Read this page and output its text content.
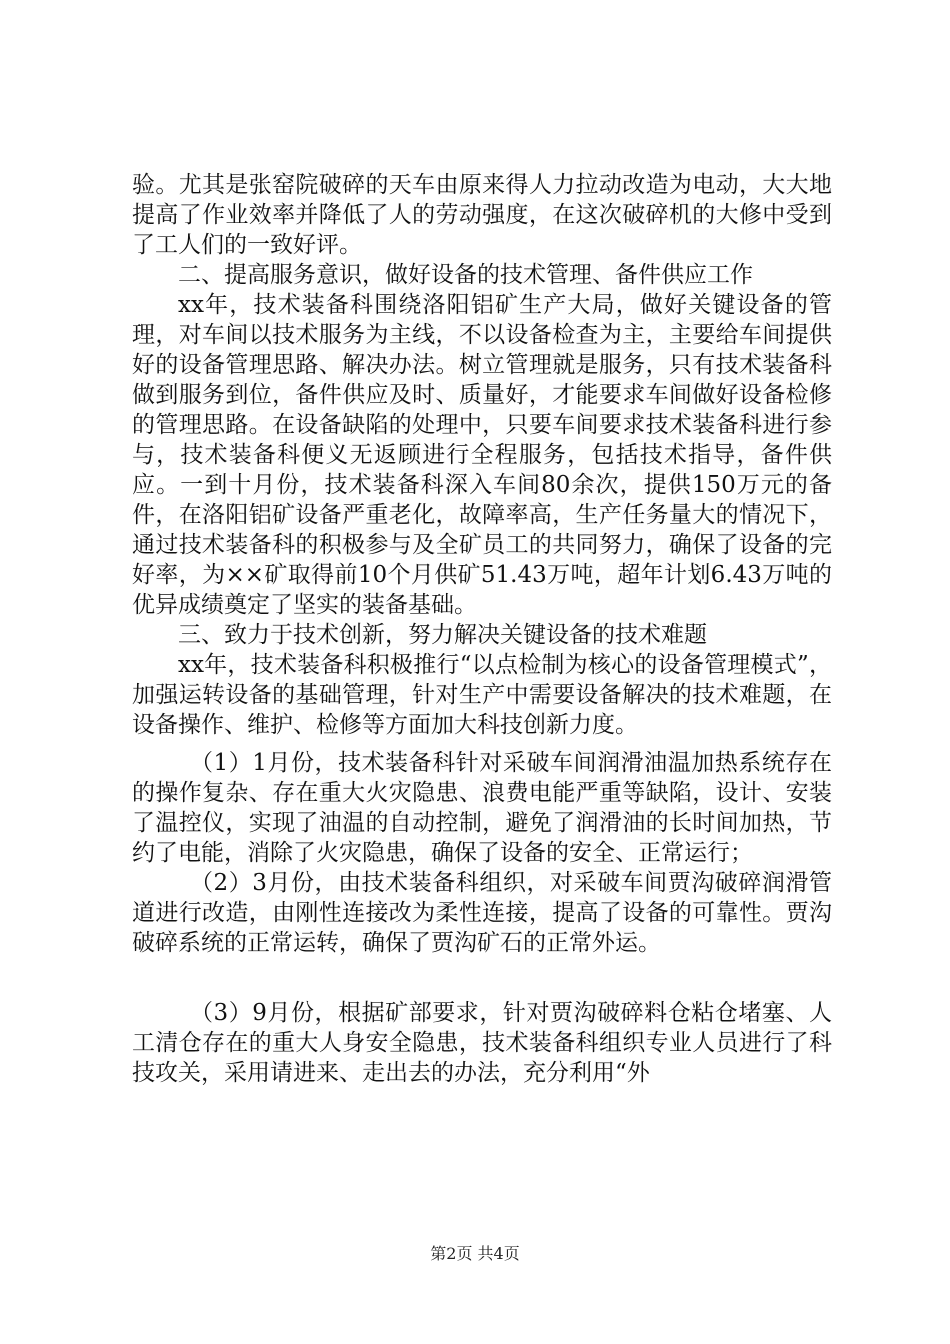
验。尤其是张窑院破碎的天车由原来得人力拉动改造为电动，大大地提高了作业效率并降低了人的劳动强度，在这次破碎机的大修中受到了工人们的一致好评。

二、提高服务意识，做好设备的技术管理、备件供应工作

xx年，技术装备科围绕洛阳铝矿生产大局，做好关键设备的管理，对车间以技术服务为主线，不以设备检查为主，主要给车间提供好的设备管理思路、解决办法。树立管理就是服务，只有技术装备科做到服务到位，备件供应及时、质量好，才能要求车间做好设备检修的管理思路。在设备缺陷的处理中，只要车间要求技术装备科进行参与，技术装备科便义无返顾进行全程服务，包括技术指导，备件供应。一到十月份，技术装备科深入车间80余次，提供150万元的备件，在洛阳铝矿设备严重老化，故障率高，生产任务量大的情况下，通过技术装备科的积极参与及全矿员工的共同努力，确保了设备的完好率，为××矿取得前10个月供矿51.43万吨，超年计划6.43万吨的优异成绩奠定了坚实的装备基础。

三、致力于技术创新，努力解决关键设备的技术难题

xx年，技术装备科积极推行“以点检制为核心的设备管理模式”，加强运转设备的基础管理，针对生产中需要设备解决的技术难题，在设备操作、维护、检修等方面加大科技创新力度。

（1）1月份，技术装备科针对采破车间润滑油温加热系统存在的操作复杂、存在重大火灾隐患、浪费电能严重等缺陷，设计、安装了温控仪，实现了油温的自动控制，避免了润滑油的长时间加热，节约了电能，消除了火灾隐患，确保了设备的安全、正常运行；

（2）3月份，由技术装备科组织，对采破车间贾沟破碎润滑管道进行改造，由刚性连接改为柔性连接，提高了设备的可靠性。贾沟破碎系统的正常运转，确保了贾沟矿石的正常外运。

（3）9月份，根据矿部要求，针对贾沟破碎料仓粘仓堵塞、人工清仓存在的重大人身安全隐患，技术装备科组织专业人员进行了科技攻关，采用请进来、走出去的办法，充分利用“外

第2页 共4页
